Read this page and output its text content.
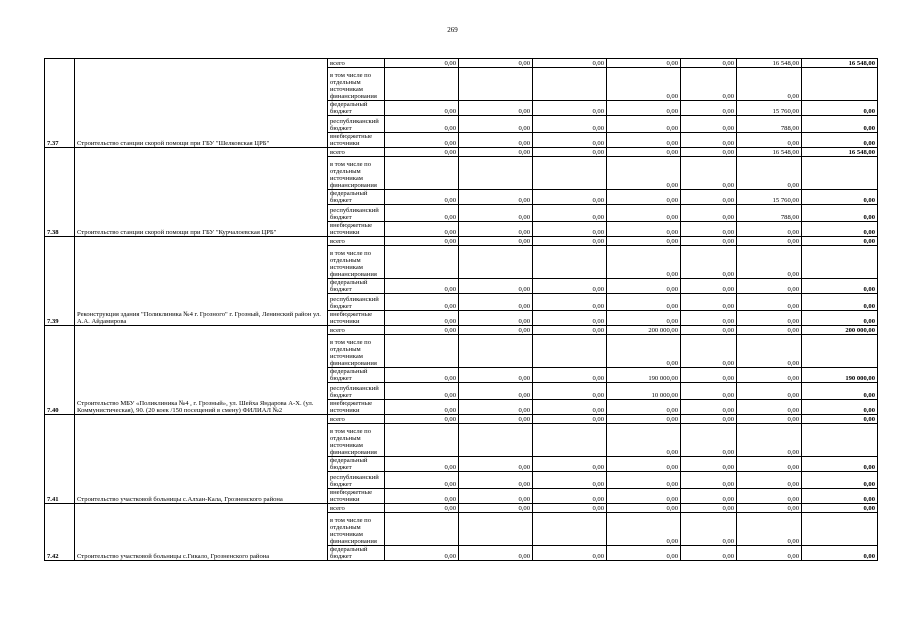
269
7.37	Строительство станции скорой помощи при ГБУ "Шелковская ЦРБ"	всего	0,00	0,00	0,00	0,00	0,00	16 548,00	16 548,00
		в том числе по отдельным источникам финансирования				0,00	0,00	0,00	
		федеральный бюджет	0,00	0,00	0,00	0,00	0,00	15 760,00	0,00
		республиканский бюджет	0,00	0,00	0,00	0,00	0,00	788,00	0,00
		внебюджетные источники	0,00	0,00	0,00	0,00	0,00	0,00	0,00
7.38	Строительство станции скорой помощи при ГБУ "Курчалоевская ЦРБ"	всего	0,00	0,00	0,00	0,00	0,00	16 548,00	16 548,00
		в том числе по отдельным источникам финансирования				0,00	0,00	0,00	
		федеральный бюджет	0,00	0,00	0,00	0,00	0,00	15 760,00	0,00
		республиканский бюджет	0,00	0,00	0,00	0,00	0,00	788,00	0,00
		внебюджетные источники	0,00	0,00	0,00	0,00	0,00	0,00	0,00
7.39	Реконструкция здания "Поликлиника №4 г. Грозного" г. Грозный, Ленинский район ул. А.А. Айдамирова	всего	0,00	0,00	0,00	0,00	0,00	0,00	0,00
		в том числе по отдельным источникам финансирования				0,00	0,00	0,00	
		федеральный бюджет	0,00	0,00	0,00	0,00	0,00	0,00	0,00
		республиканский бюджет	0,00	0,00	0,00	0,00	0,00	0,00	0,00
		внебюджетные источники	0,00	0,00	0,00	0,00	0,00	0,00	0,00
7.40	Строительство МБУ «Поликлиника №4 , г. Грозный», ул. Шейха Яндарова А-Х. (ул. Коммунистическая), 90. (20 коек /150 посещений в смену) ФИЛИАЛ №2	всего	0,00	0,00	0,00	200 000,00	0,00	0,00	200 000,00
		в том числе по отдельным источникам финансирования				0,00	0,00	0,00	
		федеральный бюджет	0,00	0,00	0,00	190 000,00	0,00	0,00	190 000,00
		республиканский бюджет	0,00	0,00	0,00	10 000,00	0,00	0,00	0,00
		внебюджетные источники	0,00	0,00	0,00	0,00	0,00	0,00	0,00
7.41	Строительство участковой больницы с.Алхан-Кала, Грозненского района	всего	0,00	0,00	0,00	0,00	0,00	0,00	0,00
		в том числе по отдельным источникам финансирования				0,00	0,00	0,00	
		федеральный бюджет	0,00	0,00	0,00	0,00	0,00	0,00	0,00
		республиканский бюджет	0,00	0,00	0,00	0,00	0,00	0,00	0,00
		внебюджетные источники	0,00	0,00	0,00	0,00	0,00	0,00	0,00
7.42	Строительство участковой больницы с.Гикало, Грозненского района	всего	0,00	0,00	0,00	0,00	0,00	0,00	0,00
		в том числе по отдельным источникам финансирования				0,00	0,00	0,00	
		федеральный бюджет	0,00	0,00	0,00	0,00	0,00	0,00	0,00
